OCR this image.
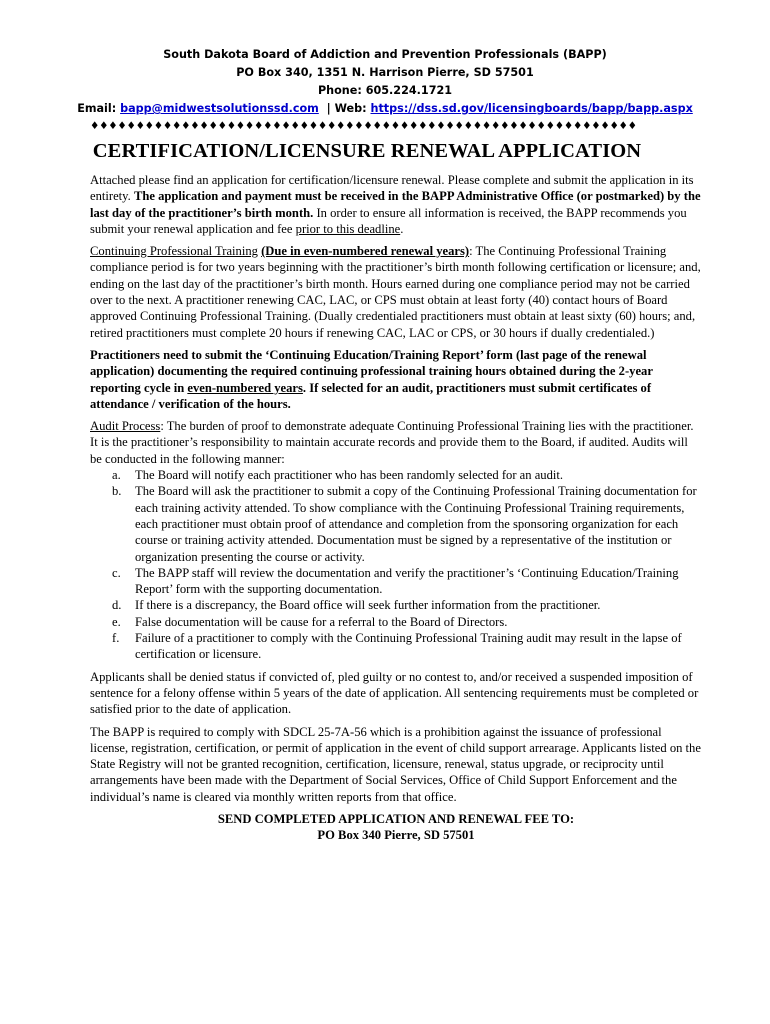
South Dakota Board of Addiction and Prevention Professionals (BAPP)
PO Box 340, 1351 N. Harrison Pierre, SD 57501
Phone: 605.224.1721
Email: bapp@midwestsolutionssd.com  | Web: https://dss.sd.gov/licensingboards/bapp/bapp.aspx
♦♦♦♦♦♦♦♦♦♦♦♦♦♦♦♦♦♦♦♦♦♦♦♦♦♦♦♦♦♦♦♦♦♦♦♦♦♦♦♦♦♦♦♦♦♦♦♦♦♦♦♦♦♦♦♦♦♦♦♦
CERTIFICATION/LICENSURE RENEWAL APPLICATION

Attached please find an application for certification/licensure renewal. Please complete and submit the application in its entirety. The application and payment must be received in the BAPP Administrative Office (or postmarked) by the last day of the practitioner’s birth month. In order to ensure all information is received, the BAPP recommends you submit your renewal application and fee prior to this deadline.

Continuing Professional Training (Due in even-numbered renewal years): The Continuing Professional Training compliance period is for two years beginning with the practitioner’s birth month following certification or licensure; and, ending on the last day of the practitioner’s birth month. Hours earned during one compliance period may not be carried over to the next. A practitioner renewing CAC, LAC, or CPS must obtain at least forty (40) contact hours of Board approved Continuing Professional Training. (Dually credentialed practitioners must obtain at least sixty (60) hours; and, retired practitioners must complete 20 hours if renewing CAC, LAC or CPS, or 30 hours if dually credentialed.)

Practitioners need to submit the ‘Continuing Education/Training Report’ form (last page of the renewal application) documenting the required continuing professional training hours obtained during the 2-year reporting cycle in even-numbered years. If selected for an audit, practitioners must submit certificates of attendance / verification of the hours.

Audit Process: The burden of proof to demonstrate adequate Continuing Professional Training lies with the practitioner. It is the practitioner’s responsibility to maintain accurate records and provide them to the Board, if audited. Audits will be conducted in the following manner:

a. The Board will notify each practitioner who has been randomly selected for an audit.
b. The Board will ask the practitioner to submit a copy of the Continuing Professional Training documentation for each training activity attended. To show compliance with the Continuing Professional Training requirements, each practitioner must obtain proof of attendance and completion from the sponsoring organization for each course or training activity attended. Documentation must be signed by a representative of the institution or organization presenting the course or activity.
c. The BAPP staff will review the documentation and verify the practitioner’s ‘Continuing Education/Training Report’ form with the supporting documentation.
d. If there is a discrepancy, the Board office will seek further information from the practitioner.
e. False documentation will be cause for a referral to the Board of Directors.
f. Failure of a practitioner to comply with the Continuing Professional Training audit may result in the lapse of certification or licensure.

Applicants shall be denied status if convicted of, pled guilty or no contest to, and/or received a suspended imposition of sentence for a felony offense within 5 years of the date of application. All sentencing requirements must be completed or satisfied prior to the date of application.

The BAPP is required to comply with SDCL 25-7A-56 which is a prohibition against the issuance of professional license, registration, certification, or permit of application in the event of child support arrearage. Applicants listed on the State Registry will not be granted recognition, certification, licensure, renewal, status upgrade, or reciprocity until arrangements have been made with the Department of Social Services, Office of Child Support Enforcement and the individual’s name is cleared via monthly written reports from that office.

SEND COMPLETED APPLICATION AND RENEWAL FEE TO:
PO Box 340 Pierre, SD 57501
